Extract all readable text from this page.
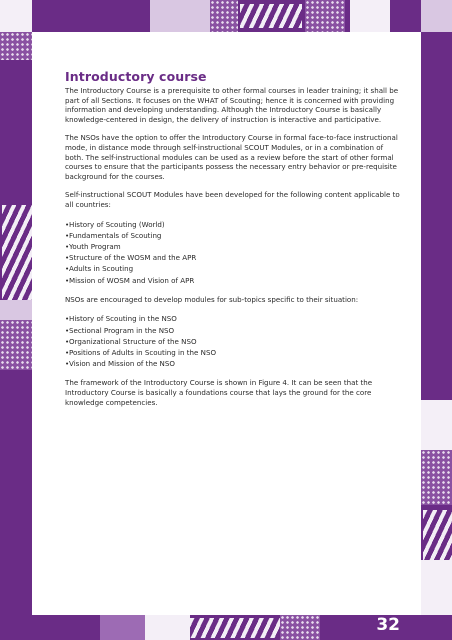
Introductory course

The Introductory Course is a prerequisite to other formal courses in leader training; it shall be part of all Sections. It focuses on the WHAT of Scouting; hence it is concerned with providing information and developing understanding. Although the Introductory Course is basically knowledge-centered in design, the delivery of instruction is interactive and participative.

The NSOs have the option to offer the Introductory Course in formal face-to-face instructional mode, in distance mode through self-instructional SCOUT Modules, or in a combination of both. The self-instructional modules can be used as a review before the start of other formal courses to ensure that the participants possess the necessary entry behavior or pre-requisite background for the courses.

Self-instructional SCOUT Modules have been developed for the following content applicable to all countries:

• History of Scouting (World)
• Fundamentals of Scouting
• Youth Program
• Structure of the WOSM and the APR
• Adults in Scouting
• Mission of WOSM and Vision of APR

NSOs are encouraged to develop modules for sub-topics specific to their situation:

• History of Scouting in the NSO
• Sectional Program in the NSO
• Organizational Structure of the NSO
• Positions of Adults in Scouting in the NSO
• Vision and Mission of the NSO

The framework of the Introductory Course is shown in Figure 4. It can be seen that the Introductory Course is basically a foundations course that lays the ground for the core knowledge competencies.

32
